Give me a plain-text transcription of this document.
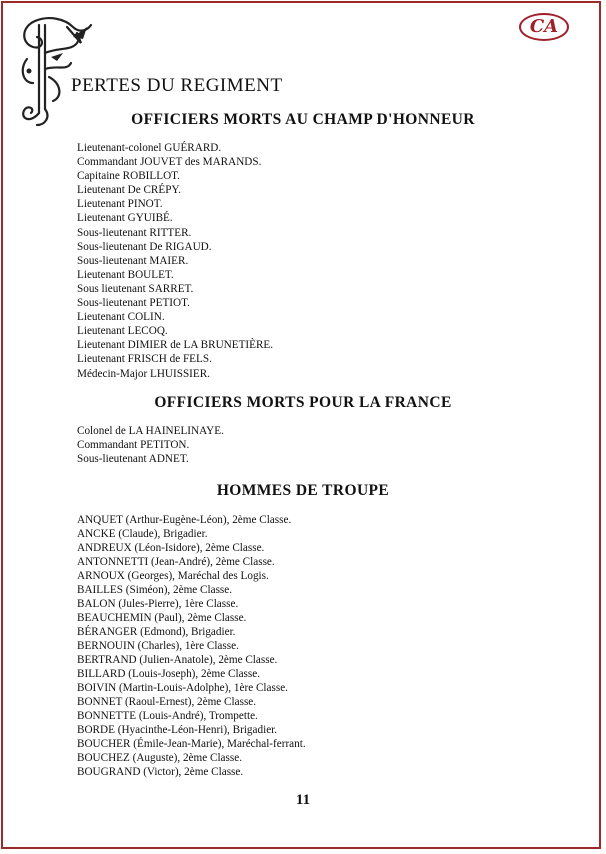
CA
PERTES DU REGIMENT
OFFICIERS MORTS AU CHAMP D'HONNEUR
Lieutenant-colonel GUÉRARD.
Commandant JOUVET des MARANDS.
Capitaine ROBILLOT.
Lieutenant De CRÉPY.
Lieutenant PINOT.
Lieutenant GYUIBÉ.
Sous-lieutenant RITTER.
Sous-lieutenant De RIGAUD.
Sous-lieutenant MAIER.
Lieutenant BOULET.
Sous lieutenant SARRET.
Sous-lieutenant PETIOT.
Lieutenant COLIN.
Lieutenant LECOQ.
Lieutenant DIMIER de LA BRUNETIÈRE.
Lieutenant FRISCH de FELS.
Médecin-Major LHUISSIER.
OFFICIERS MORTS POUR LA FRANCE
Colonel de LA HAINELINAYE.
Commandant PETITON.
Sous-lieutenant ADNET.
HOMMES DE TROUPE
ANQUET (Arthur-Eugène-Léon), 2ème Classe.
ANCKE (Claude), Brigadier.
ANDREUX (Léon-Isidore), 2ème Classe.
ANTONNETTI (Jean-André), 2ème Classe.
ARNOUX (Georges), Maréchal des Logis.
BAILLES (Siméon), 2ème Classe.
BALON (Jules-Pierre), 1ère Classe.
BEAUCHEMIN (Paul), 2ème Classe.
BÉRANGER (Edmond), Brigadier.
BERNOUIN (Charles), 1ère Classe.
BERTRAND (Julien-Anatole), 2ème Classe.
BILLARD (Louis-Joseph), 2ème Classe.
BOIVIN (Martin-Louis-Adolphe), 1ère Classe.
BONNET (Raoul-Ernest), 2ème Classe.
BONNETTE (Louis-André), Trompette.
BORDE (Hyacinthe-Léon-Henri), Brigadier.
BOUCHER (Émile-Jean-Marie), Maréchal-ferrant.
BOUCHEZ (Auguste), 2ème Classe.
BOUGRAND (Victor), 2ème Classe.
11
